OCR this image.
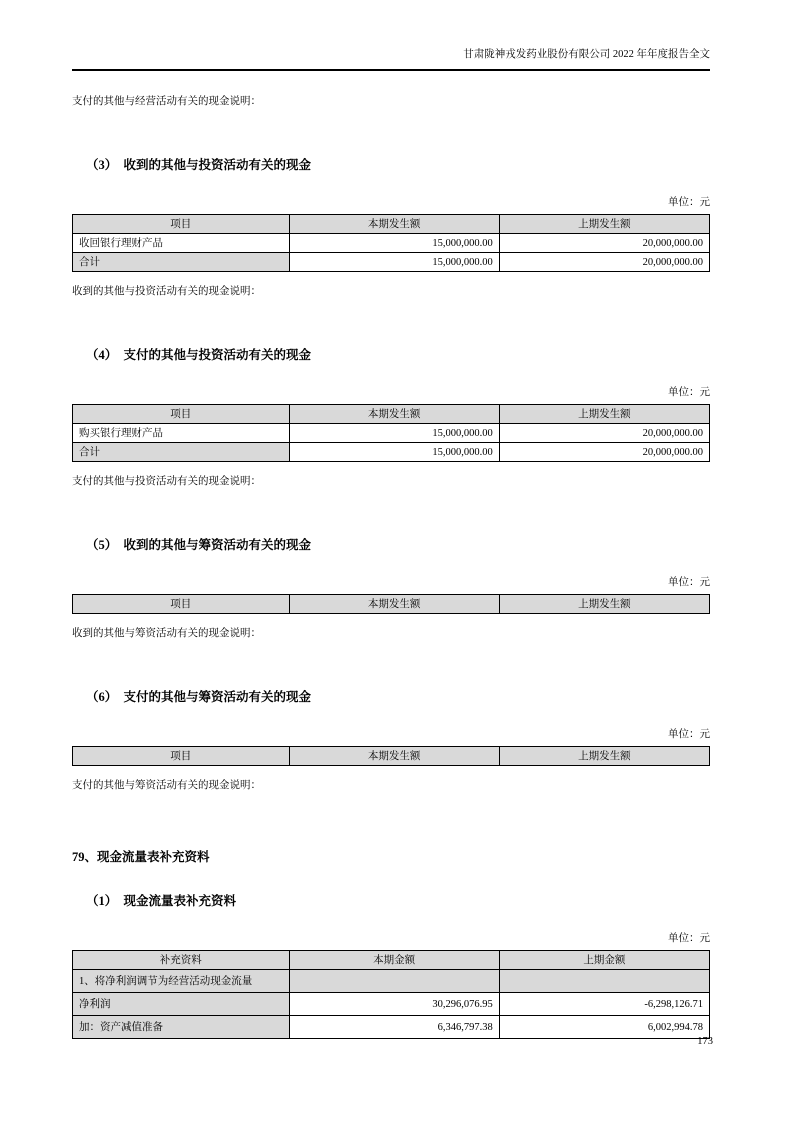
甘肃陇神戎发药业股份有限公司 2022 年年度报告全文

支付的其他与经营活动有关的现金说明：

（3）　收到的其他与投资活动有关的现金
单位：元
项目	本期发生额	上期发生额
收回银行理财产品	15,000,000.00	20,000,000.00
合计	15,000,000.00	20,000,000.00

收到的其他与投资活动有关的现金说明：

（4）　支付的其他与投资活动有关的现金
单位：元
项目	本期发生额	上期发生额
购买银行理财产品	15,000,000.00	20,000,000.00
合计	15,000,000.00	20,000,000.00

支付的其他与投资活动有关的现金说明：

（5）　收到的其他与筹资活动有关的现金
单位：元
项目	本期发生额	上期发生额

收到的其他与筹资活动有关的现金说明：

（6）　支付的其他与筹资活动有关的现金
单位：元
项目	本期发生额	上期发生额

支付的其他与筹资活动有关的现金说明：

79、现金流量表补充资料
（1）　现金流量表补充资料
单位：元
补充资料	本期金额	上期金额
1、将净利润调节为经营活动现金流量		
净利润	30,296,076.95	-6,298,126.71
加：资产减值准备	6,346,797.38	6,002,994.78
173
